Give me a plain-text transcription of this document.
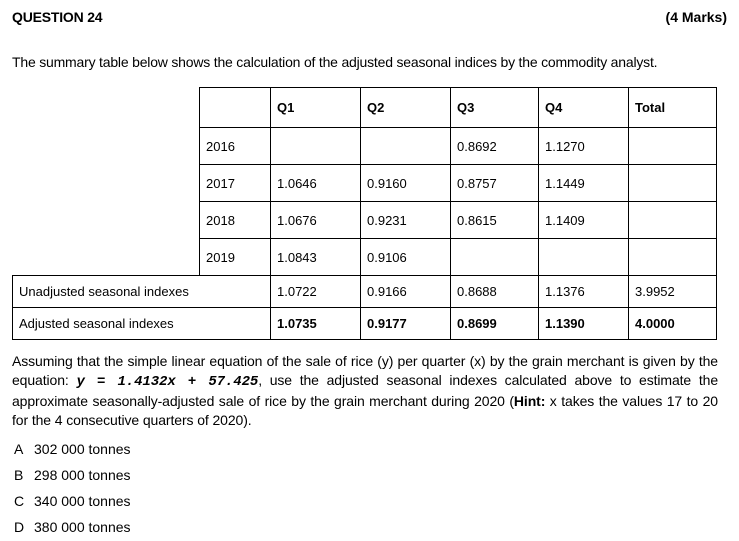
QUESTION 24	(4 Marks)
The summary table below shows the calculation of the adjusted seasonal indices by the commodity analyst.
		Q1	Q2	Q3	Q4	Total
	2016			0.8692	1.1270	
	2017	1.0646	0.9160	0.8757	1.1449	
	2018	1.0676	0.9231	0.8615	1.1409	
	2019	1.0843	0.9106			
Unadjusted seasonal indexes		1.0722	0.9166	0.8688	1.1376	3.9952
Adjusted seasonal indexes		1.0735	0.9177	0.8699	1.1390	4.0000
Assuming that the simple linear equation of the sale of rice (y) per quarter (x) by the grain merchant is given by the equation: y = 1.4132x + 57.425, use the adjusted seasonal indexes calculated above to estimate the approximate seasonally-adjusted sale of rice by the grain merchant during 2020 (Hint: x takes the values 17 to 20 for the 4 consecutive quarters of 2020).
A 302 000 tonnes
B 298 000 tonnes
C 340 000 tonnes
D 380 000 tonnes
